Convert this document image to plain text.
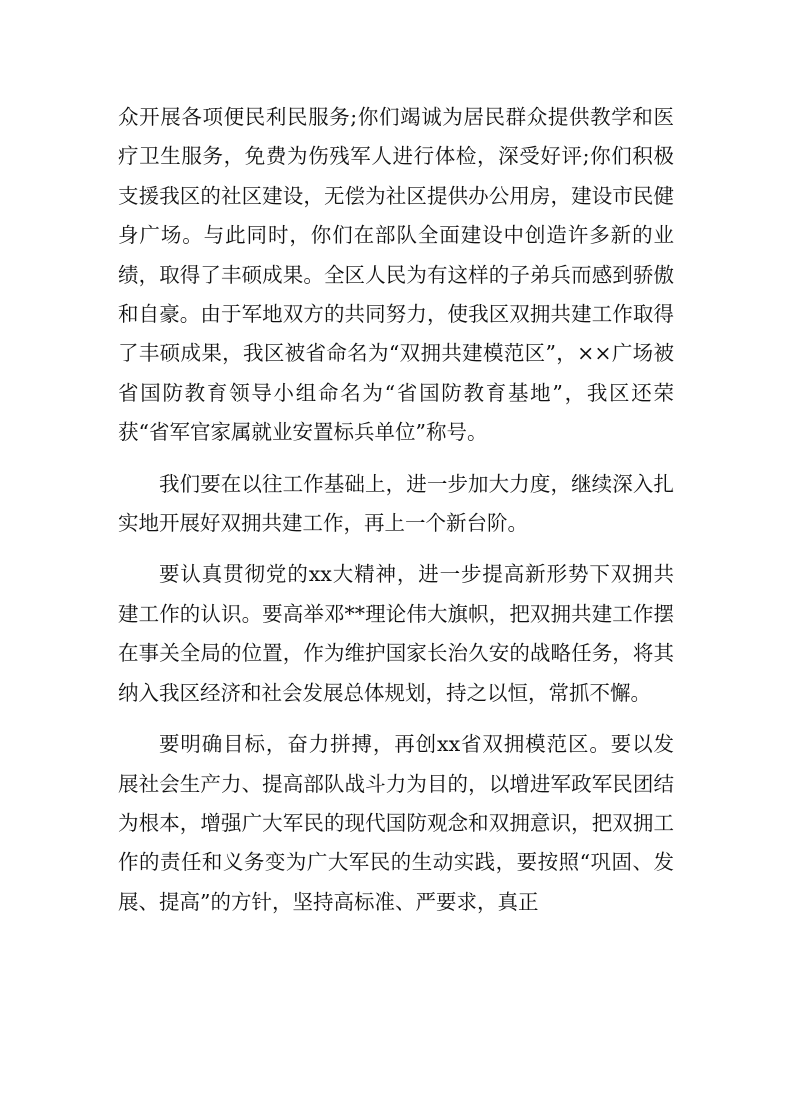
众开展各项便民利民服务;你们竭诚为居民群众提供教学和医疗卫生服务，免费为伤残军人进行体检，深受好评;你们积极支援我区的社区建设，无偿为社区提供办公用房，建设市民健身广场。与此同时，你们在部队全面建设中创造许多新的业绩，取得了丰硕成果。全区人民为有这样的子弟兵而感到骄傲和自豪。由于军地双方的共同努力，使我区双拥共建工作取得了丰硕成果，我区被省命名为“双拥共建模范区”，××广场被省国防教育领导小组命名为“省国防教育基地”，我区还荣获“省军官家属就业安置标兵单位”称号。

我们要在以往工作基础上，进一步加大力度，继续深入扎实地开展好双拥共建工作，再上一个新台阶。

要认真贯彻党的xx大精神，进一步提高新形势下双拥共建工作的认识。要高举邓**理论伟大旗帜，把双拥共建工作摆在事关全局的位置，作为维护国家长治久安的战略任务，将其纳入我区经济和社会发展总体规划，持之以恒，常抓不懈。

要明确目标，奋力拼搏，再创xx省双拥模范区。要以发展社会生产力、提高部队战斗力为目的，以增进军政军民团结为根本，增强广大军民的现代国防观念和双拥意识，把双拥工作的责任和义务变为广大军民的生动实践，要按照“巩固、发展、提高”的方针，坚持高标准、严要求，真正
